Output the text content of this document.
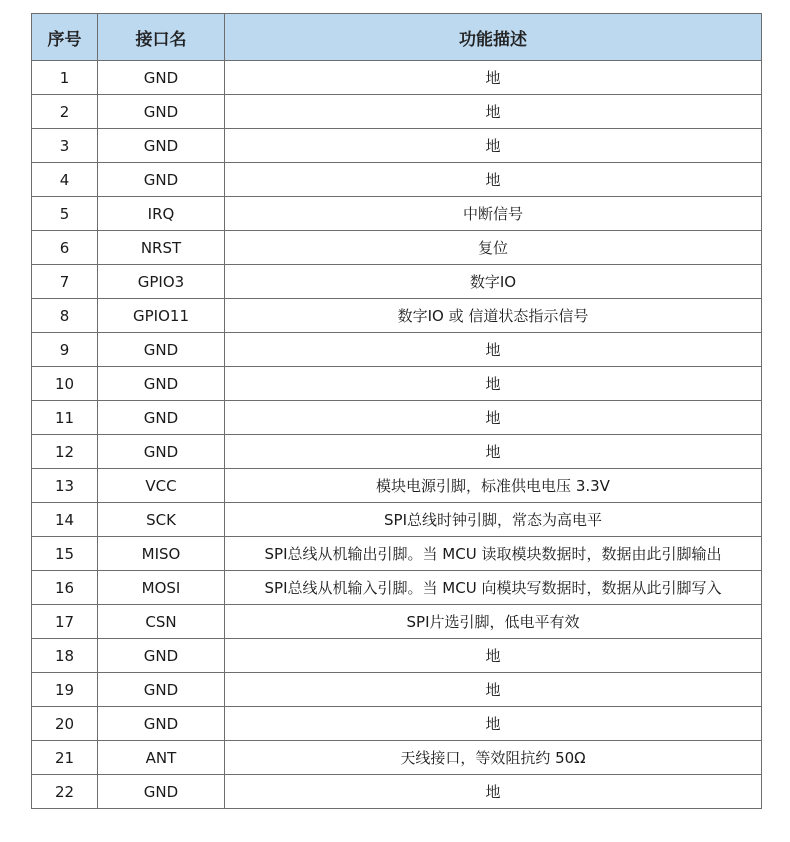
序号	接口名	功能描述
1	GND	地
2	GND	地
3	GND	地
4	GND	地
5	IRQ	中断信号
6	NRST	复位
7	GPIO3	数字IO
8	GPIO11	数字IO 或 信道状态指示信号
9	GND	地
10	GND	地
11	GND	地
12	GND	地
13	VCC	模块电源引脚，标准供电电压 3.3V
14	SCK	SPI总线时钟引脚，常态为高电平
15	MISO	SPI总线从机输出引脚。当 MCU 读取模块数据时，数据由此引脚输出
16	MOSI	SPI总线从机输入引脚。当 MCU 向模块写数据时，数据从此引脚写入
17	CSN	SPI片选引脚，低电平有效
18	GND	地
19	GND	地
20	GND	地
21	ANT	天线接口，等效阻抗约 50Ω
22	GND	地
